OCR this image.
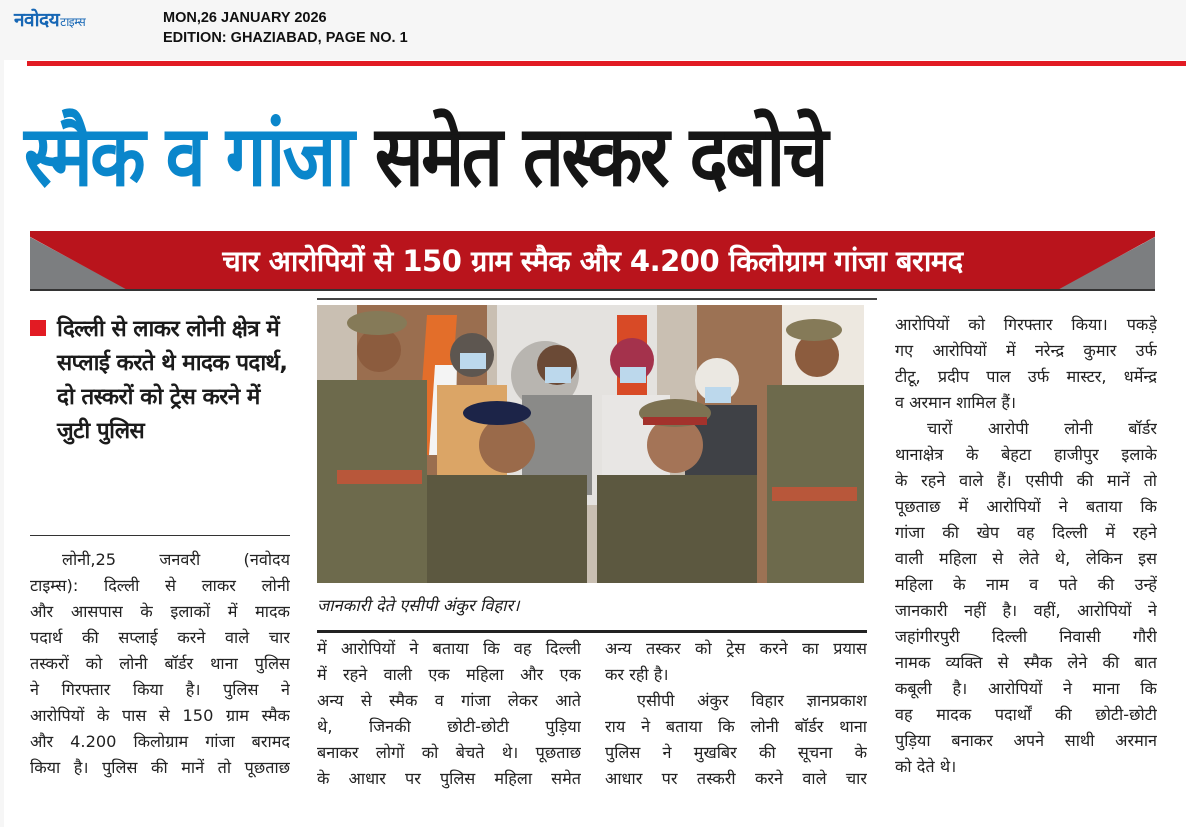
नवोदयटाइम्स	MON,26 JANUARY 2026
EDITION: GHAZIABAD, PAGE NO. 1
स्मैक व गांजा समेत तस्कर दबोचे
चार आरोपियों से 150 ग्राम स्मैक और 4.200 किलोग्राम गांजा बरामद
दिल्ली से लाकर लोनी क्षेत्र में सप्लाई करते थे मादक पदार्थ, दो तस्करों को ट्रेस करने में जुटी पुलिस
जानकारी देते एसीपी अंकुर विहार।
लोनी,25 जनवरी (नवोदय
टाइम्स): दिल्ली से लाकर लोनी
और आसपास के इलाकों में मादक
पदार्थ की सप्लाई करने वाले चार
तस्करों को लोनी बॉर्डर थाना पुलिस
ने गिरफ्तार किया है। पुलिस ने
आरोपियों के पास से 150 ग्राम स्मैक
और 4.200 किलोग्राम गांजा बरामद
किया है। पुलिस की मानें तो पूछताछ
में आरोपियों ने बताया कि वह दिल्ली
में रहने वाली एक महिला और एक
अन्य से स्मैक व गांजा लेकर आते
थे, जिनकी छोटी-छोटी पुड़िया
बनाकर लोगों को बेचते थे। पूछताछ
के आधार पर पुलिस महिला समेत
अन्य तस्कर को ट्रेस करने का प्रयास
कर रही है।
एसीपी अंकुर विहार ज्ञानप्रकाश
राय ने बताया कि लोनी बॉर्डर थाना
पुलिस ने मुखबिर की सूचना के
आधार पर तस्करी करने वाले चार
आरोपियों को गिरफ्तार किया। पकड़े
गए आरोपियों में नरेन्द्र कुमार उर्फ
टीटू, प्रदीप पाल उर्फ मास्टर, धर्मेन्द्र
व अरमान शामिल हैं।
चारों आरोपी लोनी बॉर्डर
थानाक्षेत्र के बेहटा हाजीपुर इलाके
के रहने वाले हैं। एसीपी की मानें तो
पूछताछ में आरोपियों ने बताया कि
गांजा की खेप वह दिल्ली में रहने
वाली महिला से लेते थे, लेकिन इस
महिला के नाम व पते की उन्हें
जानकारी नहीं है। वहीं, आरोपियों ने
जहांगीरपुरी दिल्ली निवासी गौरी
नामक व्यक्ति से स्मैक लेने की बात
कबूली है। आरोपियों ने माना कि
वह मादक पदार्थों की छोटी-छोटी
पुड़िया बनाकर अपने साथी अरमान
को देते थे।
